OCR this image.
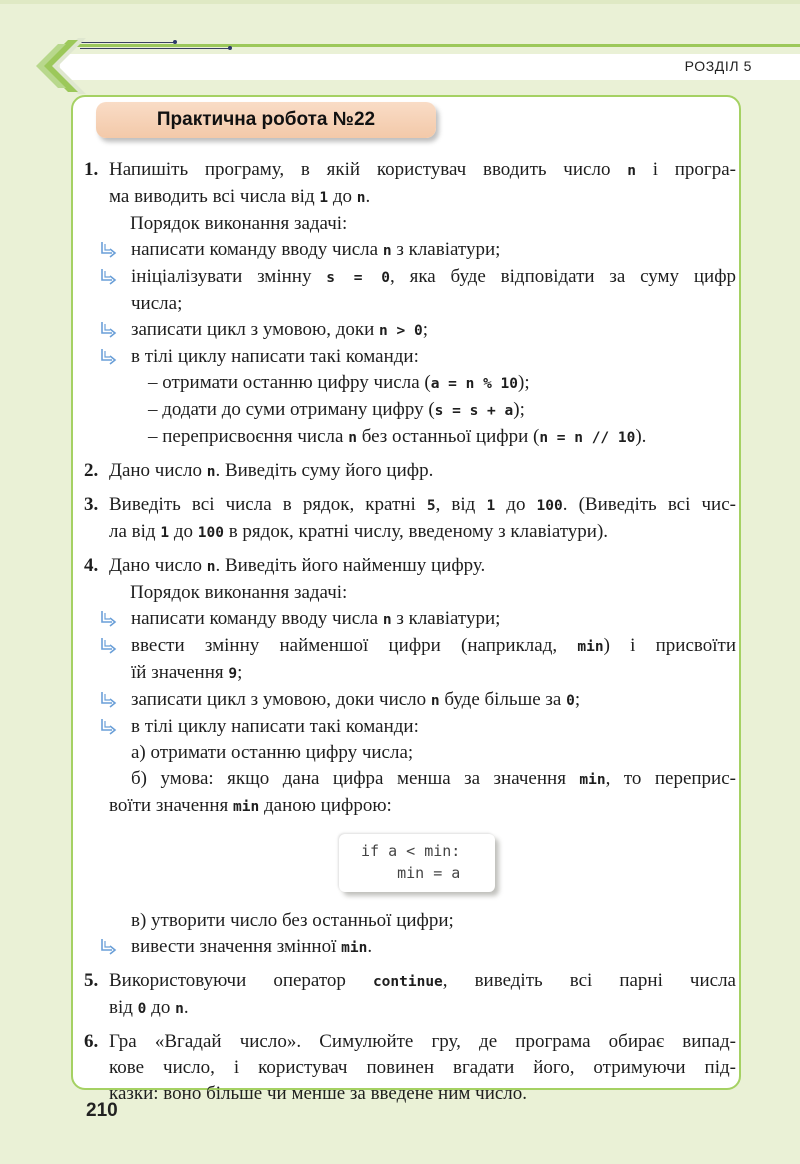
РОЗДІЛ 5
Практична робота №22
1. Напишіть програму, в якій користувач вводить число n і програ-
ма виводить всі числа від 1 до n.
Порядок виконання задачі:
написати команду вводу числа n з клавіатури;
ініціалізувати змінну s = 0, яка буде відповідати за суму цифр
числа;
записати цикл з умовою, доки n > 0;
в тілі циклу написати такі команди:
– отримати останню цифру числа (a = n % 10);
– додати до суми отриману цифру (s = s + a);
– переприсвоєння числа n без останньої цифри (n = n // 10).
2. Дано число n. Виведіть суму його цифр.
3. Виведіть всі числа в рядок, кратні 5, від 1 до 100. (Виведіть всі чис-
ла від 1 до 100 в рядок, кратні числу, введеному з клавіатури).
4. Дано число n. Виведіть його найменшу цифру.
Порядок виконання задачі:
написати команду вводу числа n з клавіатури;
ввести змінну найменшої цифри (наприклад, min) і присвоїти
їй значення 9;
записати цикл з умовою, доки число n буде більше за 0;
в тілі циклу написати такі команди:
а) отримати останню цифру числа;
б) умова: якщо дана цифра менша за значення min, то переприс-
воїти значення min даною цифрою:
if a < min:
min = a
в) утворити число без останньої цифри;
вивести значення змінної min.
5. Використовуючи оператор continue, виведіть всі парні числа
від 0 до n.
6. Гра «Вгадай число». Симулюйте гру, де програма обирає випад-
кове число, і користувач повинен вгадати його, отримуючи під-
казки: воно більше чи менше за введене ним число.
210
